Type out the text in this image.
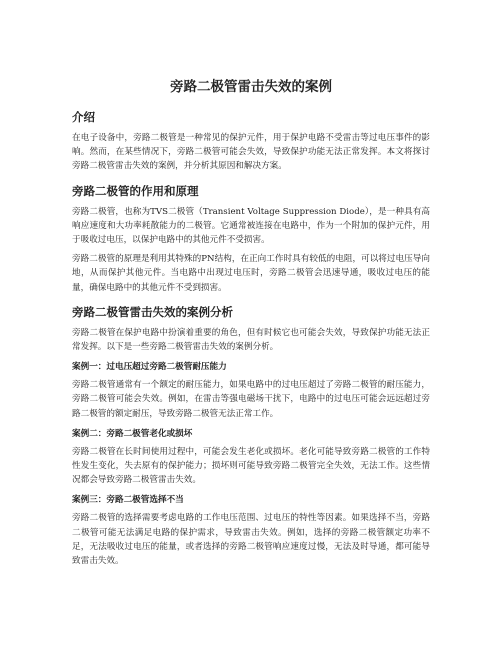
旁路二极管雷击失效的案例
介绍

在电子设备中，旁路二极管是一种常见的保护元件，用于保护电路不受雷击等过电压事件的影响。然而，在某些情况下，旁路二极管可能会失效，导致保护功能无法正常发挥。本文将探讨旁路二极管雷击失效的案例，并分析其原因和解决方案。

旁路二极管的作用和原理

旁路二极管，也称为TVS二极管（Transient Voltage Suppression Diode），是一种具有高响应速度和大功率耗散能力的二极管。它通常被连接在电路中，作为一个附加的保护元件，用于吸收过电压，以保护电路中的其他元件不受损害。

旁路二极管的原理是利用其特殊的PN结构，在正向工作时具有较低的电阻，可以将过电压导向地，从而保护其他元件。当电路中出现过电压时，旁路二极管会迅速导通，吸收过电压的能量，确保电路中的其他元件不受到损害。

旁路二极管雷击失效的案例分析

旁路二极管在保护电路中扮演着重要的角色，但有时候它也可能会失效，导致保护功能无法正常发挥。以下是一些旁路二极管雷击失效的案例分析。

案例一：过电压超过旁路二极管耐压能力

旁路二极管通常有一个额定的耐压能力，如果电路中的过电压超过了旁路二极管的耐压能力，旁路二极管可能会失效。例如，在雷击等强电磁场干扰下，电路中的过电压可能会远远超过旁路二极管的额定耐压，导致旁路二极管无法正常工作。

案例二：旁路二极管老化或损坏

旁路二极管在长时间使用过程中，可能会发生老化或损坏。老化可能导致旁路二极管的工作特性发生变化，失去原有的保护能力；损坏则可能导致旁路二极管完全失效，无法工作。这些情况都会导致旁路二极管雷击失效。

案例三：旁路二极管选择不当

旁路二极管的选择需要考虑电路的工作电压范围、过电压的特性等因素。如果选择不当，旁路二极管可能无法满足电路的保护需求，导致雷击失效。例如，选择的旁路二极管额定功率不足，无法吸收过电压的能量，或者选择的旁路二极管响应速度过慢，无法及时导通，都可能导致雷击失效。
